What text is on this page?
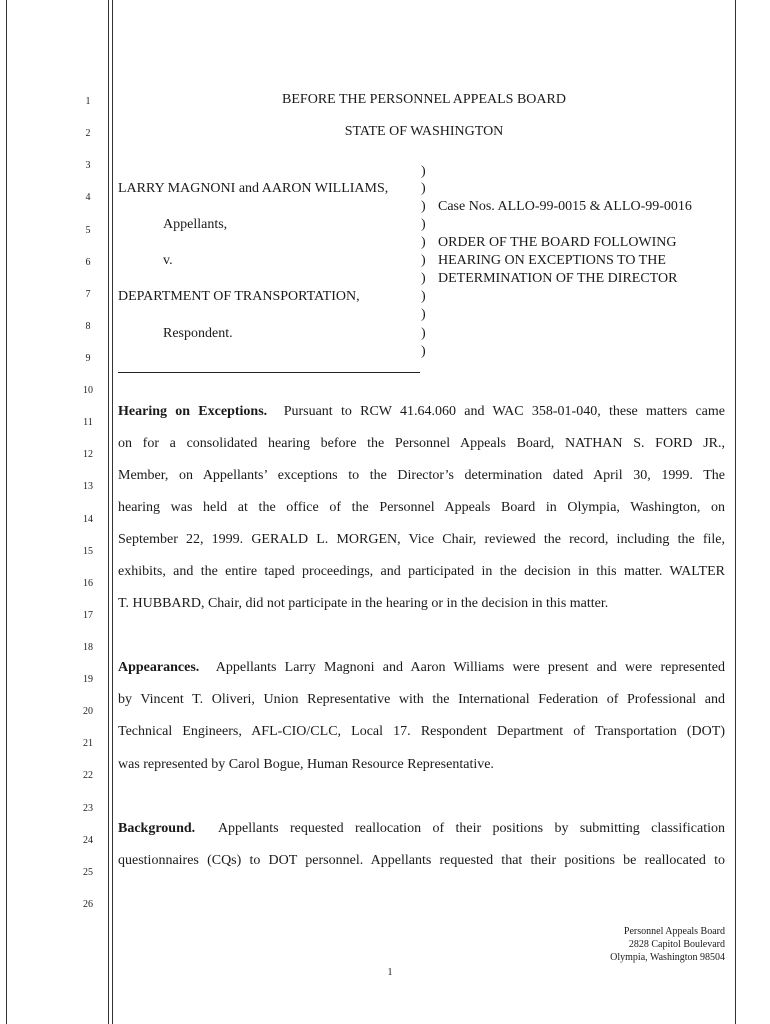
1
2
3
4
5
6
7
8
9
10
11
12
13
14
15
16
17
18
19
20
21
22
23
24
25
26
BEFORE THE PERSONNEL APPEALS BOARD
STATE OF WASHINGTON
LARRY MAGNONI and AARON WILLIAMS,
Appellants,
v.
DEPARTMENT OF TRANSPORTATION,
Respondent.
)
)
)
)
)
)
)
)
)
)
)
Case Nos. ALLO-99-0015 & ALLO-99-0016
ORDER OF THE BOARD FOLLOWING
HEARING ON EXCEPTIONS TO THE
DETERMINATION OF THE DIRECTOR
Hearing on Exceptions. Pursuant to RCW 41.64.060 and WAC 358-01-040, these matters came
on for a consolidated hearing before the Personnel Appeals Board, NATHAN S. FORD JR.,
Member, on Appellants’ exceptions to the Director’s determination dated April 30, 1999. The
hearing was held at the office of the Personnel Appeals Board in Olympia, Washington, on
September 22, 1999. GERALD L. MORGEN, Vice Chair, reviewed the record, including the file,
exhibits, and the entire taped proceedings, and participated in the decision in this matter. WALTER
T. HUBBARD, Chair, did not participate in the hearing or in the decision in this matter.
Appearances. Appellants Larry Magnoni and Aaron Williams were present and were represented
by Vincent T. Oliveri, Union Representative with the International Federation of Professional and
Technical Engineers, AFL-CIO/CLC, Local 17. Respondent Department of Transportation (DOT)
was represented by Carol Bogue, Human Resource Representative.
Background. Appellants requested reallocation of their positions by submitting classification
questionnaires (CQs) to DOT personnel. Appellants requested that their positions be reallocated to
Personnel Appeals Board
2828 Capitol Boulevard
Olympia, Washington 98504
1
